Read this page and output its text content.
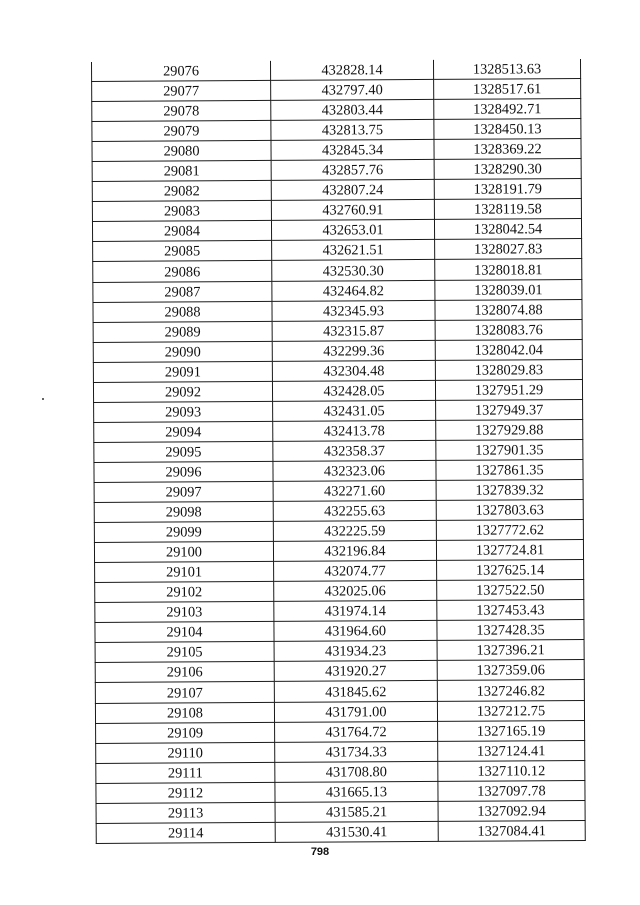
29076	432828.14	1328513.63
29077	432797.40	1328517.61
29078	432803.44	1328492.71
29079	432813.75	1328450.13
29080	432845.34	1328369.22
29081	432857.76	1328290.30
29082	432807.24	1328191.79
29083	432760.91	1328119.58
29084	432653.01	1328042.54
29085	432621.51	1328027.83
29086	432530.30	1328018.81
29087	432464.82	1328039.01
29088	432345.93	1328074.88
29089	432315.87	1328083.76
29090	432299.36	1328042.04
29091	432304.48	1328029.83
29092	432428.05	1327951.29
29093	432431.05	1327949.37
29094	432413.78	1327929.88
29095	432358.37	1327901.35
29096	432323.06	1327861.35
29097	432271.60	1327839.32
29098	432255.63	1327803.63
29099	432225.59	1327772.62
29100	432196.84	1327724.81
29101	432074.77	1327625.14
29102	432025.06	1327522.50
29103	431974.14	1327453.43
29104	431964.60	1327428.35
29105	431934.23	1327396.21
29106	431920.27	1327359.06
29107	431845.62	1327246.82
29108	431791.00	1327212.75
29109	431764.72	1327165.19
29110	431734.33	1327124.41
29111	431708.80	1327110.12
29112	431665.13	1327097.78
29113	431585.21	1327092.94
29114	431530.41	1327084.41
798
